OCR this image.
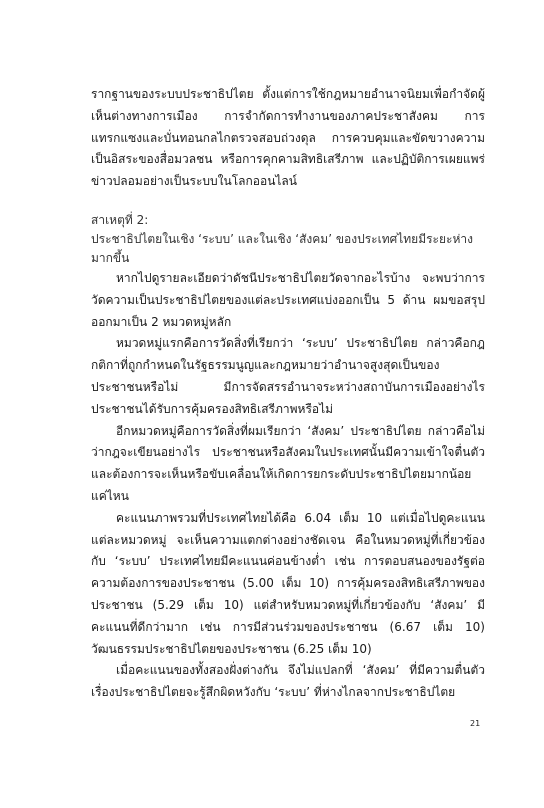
รากฐานของระบบประชาธิปไตย ตั้งแต่การใช้กฎหมายอำนาจนิยมเพื่อกำจัดผู้เห็นต่างทางการเมือง การจำกัดการทำงานของภาคประชาสังคม การแทรกแซงและบั่นทอนกลไกตรวจสอบถ่วงดุล การควบคุมและขัดขวางความเป็นอิสระของสื่อมวลชน หรือการคุกคามสิทธิเสรีภาพ และปฏิบัติการเผยแพร่ข่าวปลอมอย่างเป็นระบบในโลกออนไลน์

สาเหตุที่ 2:

ประชาธิปไตยในเชิง ‘ระบบ’ และในเชิง ‘สังคม’ ของประเทศไทยมีระยะห่างมากขึ้น

หากไปดูรายละเอียดว่าดัชนีประชาธิปไตยวัดจากอะไรบ้าง จะพบว่าการวัดความเป็นประชาธิปไตยของแต่ละประเทศแบ่งออกเป็น 5 ด้าน ผมขอสรุปออกมาเป็น 2 หมวดหมู่หลัก

หมวดหมู่แรกคือการวัดสิ่งที่เรียกว่า ‘ระบบ’ ประชาธิปไตย กล่าวคือกฎกติกาที่ถูกกำหนดในรัฐธรรมนูญและกฎหมายว่าอำนาจสูงสุดเป็นของประชาชนหรือไม่ มีการจัดสรรอำนาจระหว่างสถาบันการเมืองอย่างไร ประชาชนได้รับการคุ้มครองสิทธิเสรีภาพหรือไม่

อีกหมวดหมู่คือการวัดสิ่งที่ผมเรียกว่า ‘สังคม’ ประชาธิปไตย กล่าวคือไม่ว่ากฎจะเขียนอย่างไร ประชาชนหรือสังคมในประเทศนั้นมีความเข้าใจตื่นตัว และต้องการจะเห็นหรือขับเคลื่อนให้เกิดการยกระดับประชาธิปไตยมากน้อยแค่ไหน

คะแนนภาพรวมที่ประเทศไทยได้คือ 6.04 เต็ม 10 แต่เมื่อไปดูคะแนนแต่ละหมวดหมู่ จะเห็นความแตกต่างอย่างชัดเจน คือในหมวดหมู่ที่เกี่ยวข้องกับ ‘ระบบ’ ประเทศไทยมีคะแนนค่อนข้างต่ำ เช่น การตอบสนองของรัฐต่อความต้องการของประชาชน (5.00 เต็ม 10) การคุ้มครองสิทธิเสรีภาพของประชาชน (5.29 เต็ม 10) แต่สำหรับหมวดหมู่ที่เกี่ยวข้องกับ ‘สังคม’ มีคะแนนที่ดีกว่ามาก เช่น การมีส่วนร่วมของประชาชน (6.67 เต็ม 10) วัฒนธรรมประชาธิปไตยของประชาชน (6.25 เต็ม 10)

เมื่อคะแนนของทั้งสองฝั่งต่างกัน จึงไม่แปลกที่ ‘สังคม’ ที่มีความตื่นตัวเรื่องประชาธิปไตยจะรู้สึกผิดหวังกับ ‘ระบบ’ ที่ห่างไกลจากประชาธิปไตย

21
